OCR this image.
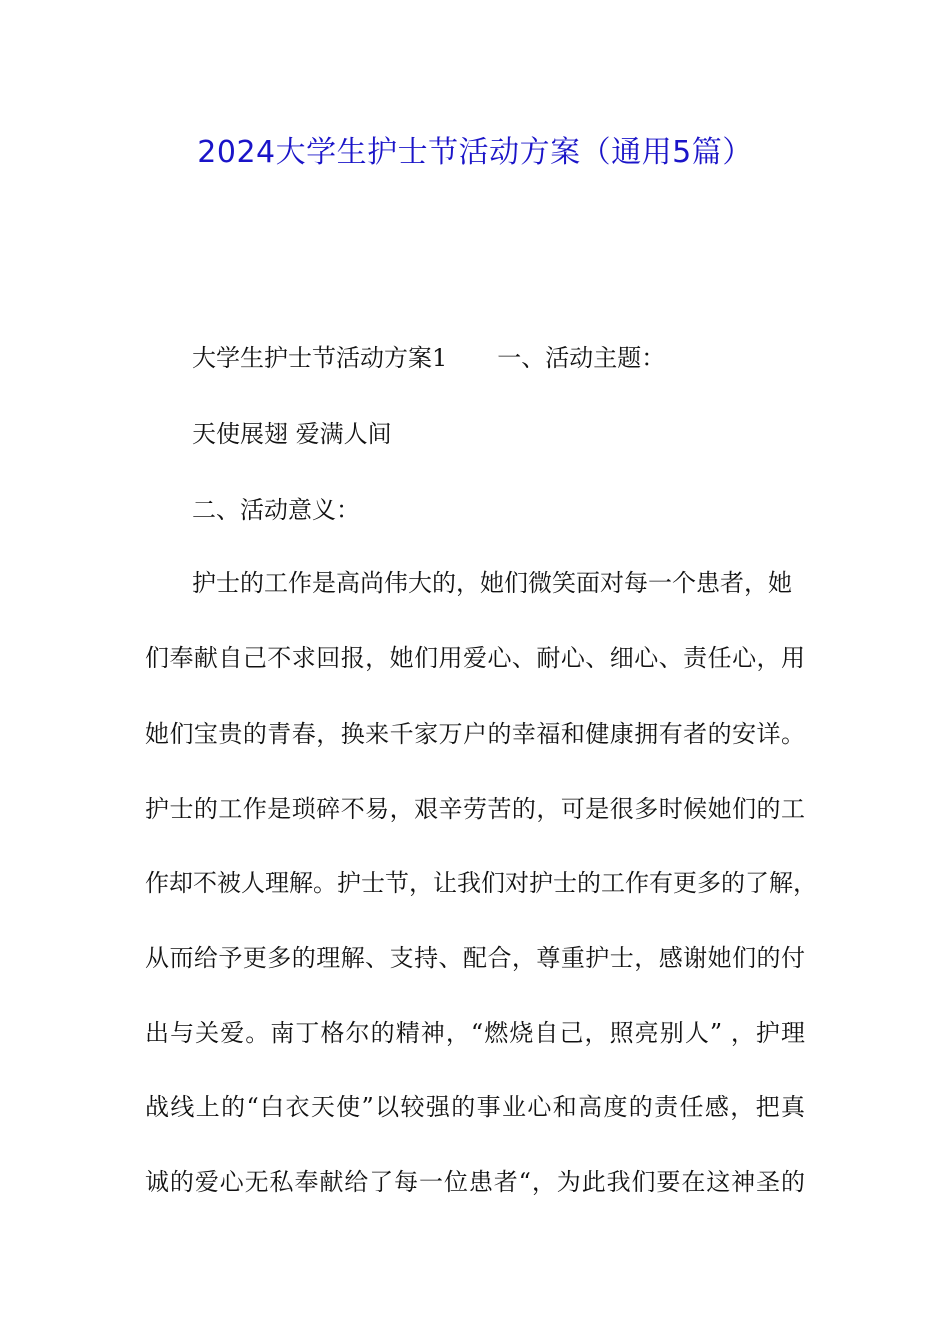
2024大学生护士节活动方案（通用5篇）

大学生护士节活动方案1 一、活动主题：

天使展翅 爱满人间

二、活动意义：

护士的工作是高尚伟大的，她们微笑面对每一个患者，她

们奉献自己不求回报，她们用爱心、耐心、细心、责任心，用

她们宝贵的青春，换来千家万户的幸福和健康拥有者的安详。

护士的工作是琐碎不易，艰辛劳苦的，可是很多时候她们的工

作却不被人理解。护士节，让我们对护士的工作有更多的了解，

从而给予更多的理解、支持、配合，尊重护士，感谢她们的付

出与关爱。南丁格尔的精神，“燃烧自己，照亮别人” ，护理

战线上的“白衣天使”以较强的事业心和高度的责任感，把真

诚的爱心无私奉献给了每一位患者“，为此我们要在这神圣的
